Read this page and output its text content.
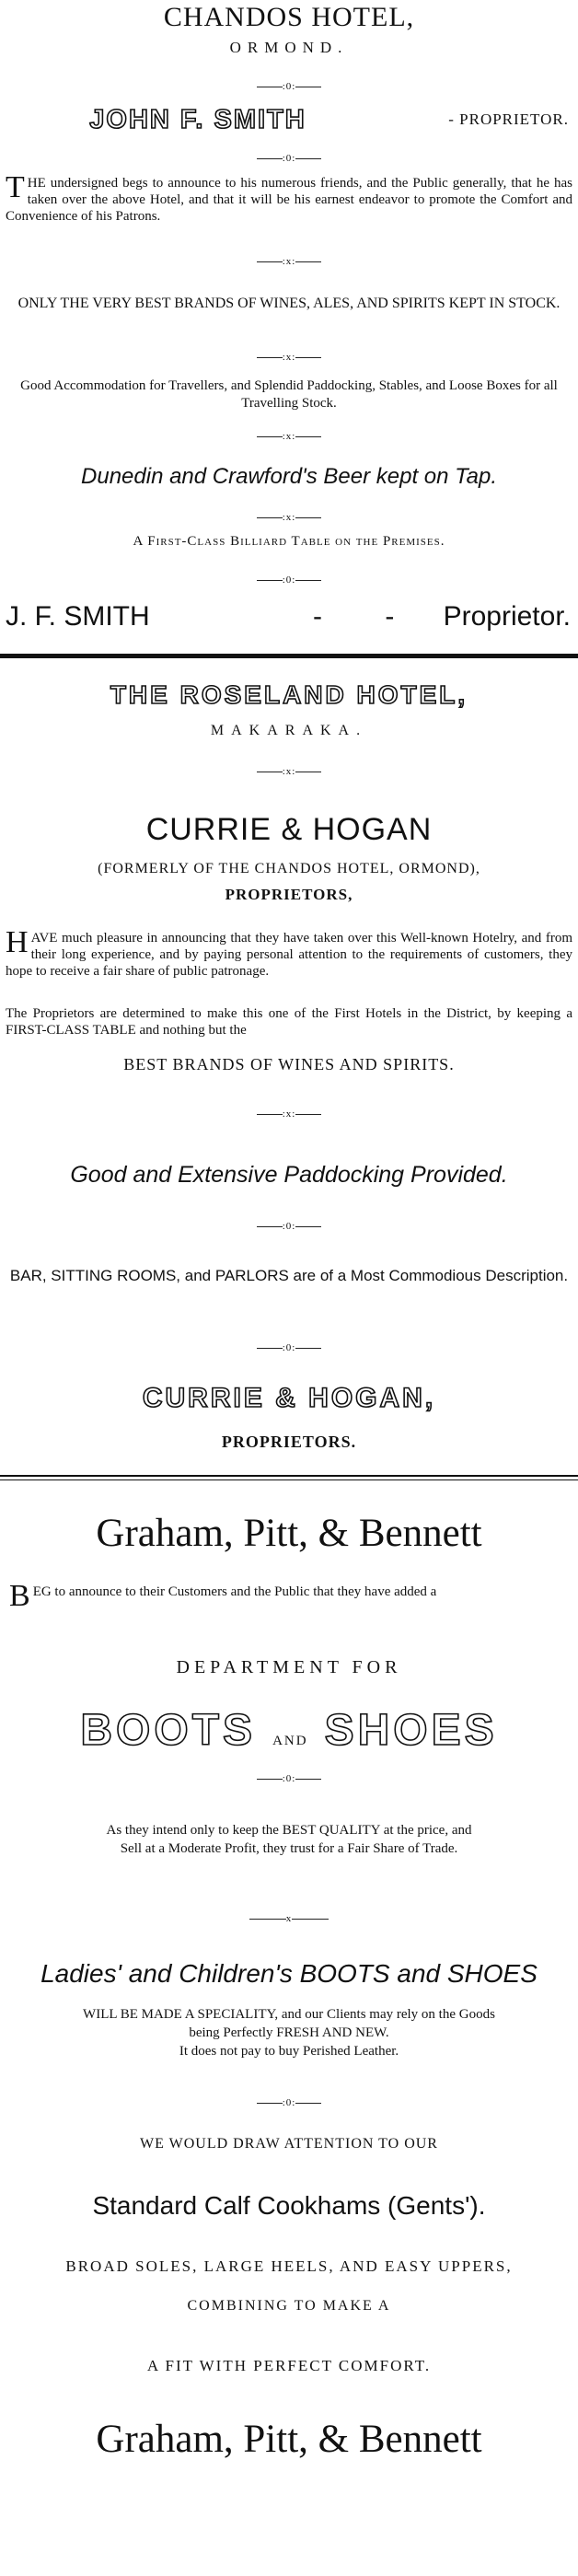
CHANDOS HOTEL,
ORMOND.
:0:
JOHN F. SMITH	- PROPRIETOR.
:0:
THE undersigned begs to announce to his numerous friends, and the Public generally, that he has taken over the above Hotel, and that it will be his earnest endeavor to promote the Comfort and Convenience of his Patrons.
:x:
ONLY THE VERY BEST BRANDS OF WINES, ALES, AND SPIRITS KEPT IN STOCK.
:x:
Good Accommodation for Travellers, and Splendid Paddocking, Stables, and Loose Boxes for all Travelling Stock.
:x:
Dunedin and Crawford's Beer kept on Tap.
:x:
A First-Class Billiard Table on the Premises.
:0:
J. F. SMITH	- - Proprietor.
THE ROSELAND HOTEL,
MAKARAKA.
:x:
CURRIE & HOGAN
(FORMERLY OF THE CHANDOS HOTEL, ORMOND),
PROPRIETORS,
HAVE much pleasure in announcing that they have taken over this Well-known Hotelry, and from their long experience, and by paying personal attention to the requirements of customers, they hope to receive a fair share of public patronage.
The Proprietors are determined to make this one of the First Hotels in the District, by keeping a FIRST-CLASS TABLE and nothing but the
BEST BRANDS OF WINES AND SPIRITS.
:x:
Good and Extensive Paddocking Provided.
:0:
BAR, SITTING ROOMS, and PARLORS are of a Most Commodious Description.
:0:
CURRIE & HOGAN,
PROPRIETORS.
Graham, Pitt, & Bennett
BEG to announce to their Customers and the Public that they have added a
DEPARTMENT FOR
BOOTS AND SHOES
:0:
As they intend only to keep the BEST QUALITY at the price, and Sell at a Moderate Profit, they trust for a Fair Share of Trade.
x
Ladies' and Children's BOOTS and SHOES
WILL BE MADE A SPECIALITY, and our Clients may rely on the Goods being Perfectly FRESH AND NEW.
It does not pay to buy Perished Leather.
:0:
WE WOULD DRAW ATTENTION TO OUR
Standard Calf Cookhams (Gents').
BROAD SOLES, LARGE HEELS, AND EASY UPPERS,
COMBINING TO MAKE A
A FIT WITH PERFECT COMFORT.
Graham, Pitt, & Bennett
